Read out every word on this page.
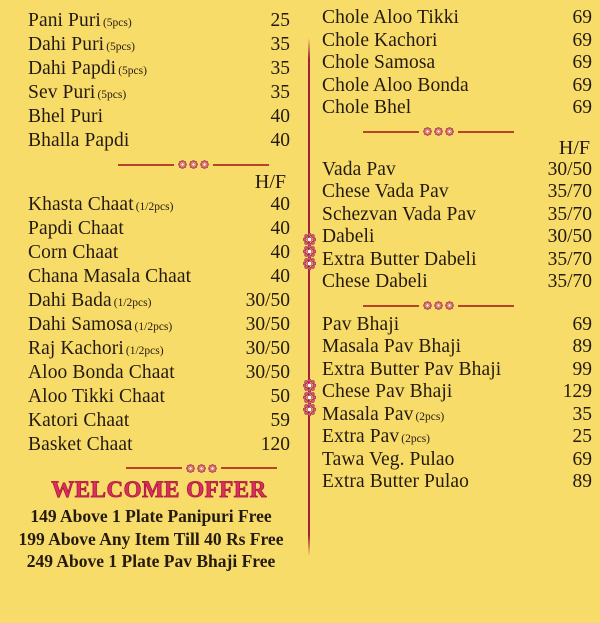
Pani Puri (5pcs)	25
Dahi Puri (5pcs)	35
Dahi Papdi (5pcs)	35
Sev Puri (5pcs)	35
Bhel Puri	40
Bhalla Papdi	40
H/F
Khasta Chaat (1/2pcs)	40
Papdi Chaat	40
Corn Chaat	40
Chana Masala Chaat	40
Dahi Bada (1/2pcs)	30/50
Dahi Samosa (1/2pcs)	30/50
Raj Kachori (1/2pcs)	30/50
Aloo Bonda Chaat	30/50
Aloo Tikki Chaat	50
Katori Chaat	59
Basket Chaat	120
WELCOME OFFER
149 Above 1 Plate Panipuri Free
199 Above Any Item Till 40 Rs Free
249 Above 1 Plate Pav Bhaji Free
Chole Aloo Tikki	69
Chole Kachori	69
Chole Samosa	69
Chole Aloo Bonda	69
Chole Bhel	69
H/F
Vada Pav	30/50
Chese Vada Pav	35/70
Schezvan Vada Pav	35/70
Dabeli	30/50
Extra Butter Dabeli	35/70
Chese Dabeli	35/70
Pav Bhaji	69
Masala Pav Bhaji	89
Extra Butter Pav Bhaji	99
Chese Pav Bhaji	129
Masala Pav (2pcs)	35
Extra Pav (2pcs)	25
Tawa Veg. Pulao	69
Extra Butter Pulao	89
